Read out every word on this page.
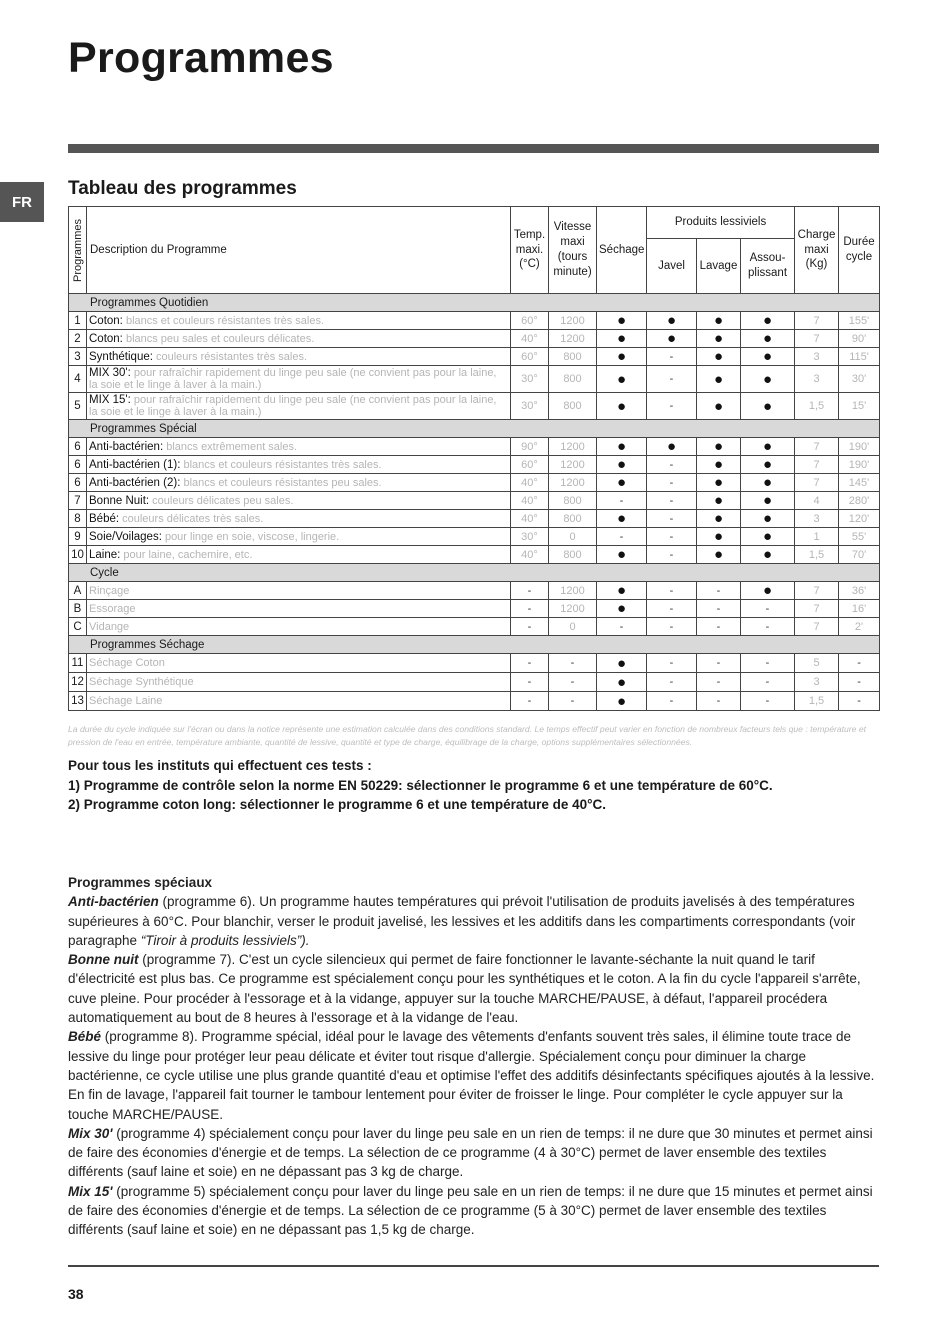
Programmes
FR
Tableau des programmes
Programmes	Description du Programme	Temp. maxi. (°C)	Vitesse maxi (tours minute)	Séchage	Produits lessiviels			Charge maxi (Kg)	Durée cycle
					Javel	Lavage	Assou-plissant		
Programmes Quotidien									
1	Coton: blancs et couleurs résistantes très sales.	60°	1200	●	●	●	●	7	155'
2	Coton: blancs peu sales et couleurs délicates.	40°	1200	●	●	●	●	7	90'
3	Synthétique: couleurs résistantes très sales.	60°	800	●	-	●	●	3	115'
4	MIX 30': pour rafraîchir rapidement du linge peu sale (ne convient pas pour la laine, la soie et le linge à laver à la main.)	30°	800	●	-	●	●	3	30'
5	MIX 15': pour rafraîchir rapidement du linge peu sale (ne convient pas pour la laine, la soie et le linge à laver à la main.)	30°	800	●	-	●	●	1,5	15'
Programmes Spécial									
6	Anti-bactérien: blancs extrêmement sales.	90°	1200	●	●	●	●	7	190'
6	Anti-bactérien (1): blancs et couleurs résistantes très sales.	60°	1200	●	-	●	●	7	190'
6	Anti-bactérien (2): blancs et couleurs résistantes peu sales.	40°	1200	●	-	●	●	7	145'
7	Bonne Nuit: couleurs délicates peu sales.	40°	800	-	-	●	●	4	280'
8	Bébé: couleurs délicates très sales.	40°	800	●	-	●	●	3	120'
9	Soie/Voilages: pour linge en soie, viscose, lingerie.	30°	0	-	-	●	●	1	55'
10	Laine: pour laine, cachemire, etc.	40°	800	●	-	●	●	1,5	70'
Cycle									
A	Rinçage	-	1200	●	-	-	●	7	36'
B	Essorage	-	1200	●	-	-	-	7	16'
C	Vidange	-	0	-	-	-	-	7	2'
Programmes Séchage									
11	Séchage Coton	-	-	●	-	-	-	5	-
12	Séchage Synthétique	-	-	●	-	-	-	3	-
13	Séchage Laine	-	-	●	-	-	-	1,5	-

La durée du cycle indiquée sur l'écran ou dans la notice représente une estimation calculée dans des conditions standard. Le temps effectif peut varier en fonction de nombreux facteurs tels que : température et pression de l'eau en entrée, température ambiante, quantité de lessive, quantité et type de charge, équilibrage de la charge, options supplémentaires sélectionnées.

Pour tous les instituts qui effectuent ces tests :

1) Programme de contrôle selon la norme EN 50229: sélectionner le programme 6 et une température de 60°C.

2) Programme coton long: sélectionner le programme 6 et une température de 40°C.

Programmes spéciaux

Anti-bactérien (programme 6). Un programme hautes températures qui prévoit l'utilisation de produits javelisés à des températures supérieures à 60°C. Pour blanchir, verser le produit javelisé, les lessives et les additifs dans les compartiments correspondants (voir paragraphe “Tiroir à produits lessiviels”).

Bonne nuit (programme 7). C'est un cycle silencieux qui permet de faire fonctionner le lavante-séchante la nuit quand le tarif d'électricité est plus bas. Ce programme est spécialement conçu pour les synthétiques et le coton. A la fin du cycle l'appareil s'arrête, cuve pleine. Pour procéder à l'essorage et à la vidange, appuyer sur la touche MARCHE/PAUSE, à défaut, l'appareil procédera automatiquement au bout de 8 heures à l'essorage et à la vidange de l'eau.

Bébé (programme 8). Programme spécial, idéal pour le lavage des vêtements d'enfants souvent très sales, il élimine toute trace de lessive du linge pour protéger leur peau délicate et éviter tout risque d'allergie. Spécialement conçu pour diminuer la charge bactérienne, ce cycle utilise une plus grande quantité d'eau et optimise l'effet des additifs désinfectants spécifiques ajoutés à la lessive.

En fin de lavage, l'appareil fait tourner le tambour lentement pour éviter de froisser le linge. Pour compléter le cycle appuyer sur la touche MARCHE/PAUSE.

Mix 30' (programme 4) spécialement conçu pour laver du linge peu sale en un rien de temps: il ne dure que 30 minutes et permet ainsi de faire des économies d'énergie et de temps. La sélection de ce programme (4 à 30°C) permet de laver ensemble des textiles différents (sauf laine et soie) en ne dépassant pas 3 kg de charge.

Mix 15' (programme 5) spécialement conçu pour laver du linge peu sale en un rien de temps: il ne dure que 15 minutes et permet ainsi de faire des économies d'énergie et de temps. La sélection de ce programme (5 à 30°C) permet de laver ensemble des textiles différents (sauf laine et soie) en ne dépassant pas 1,5 kg de charge.

38
